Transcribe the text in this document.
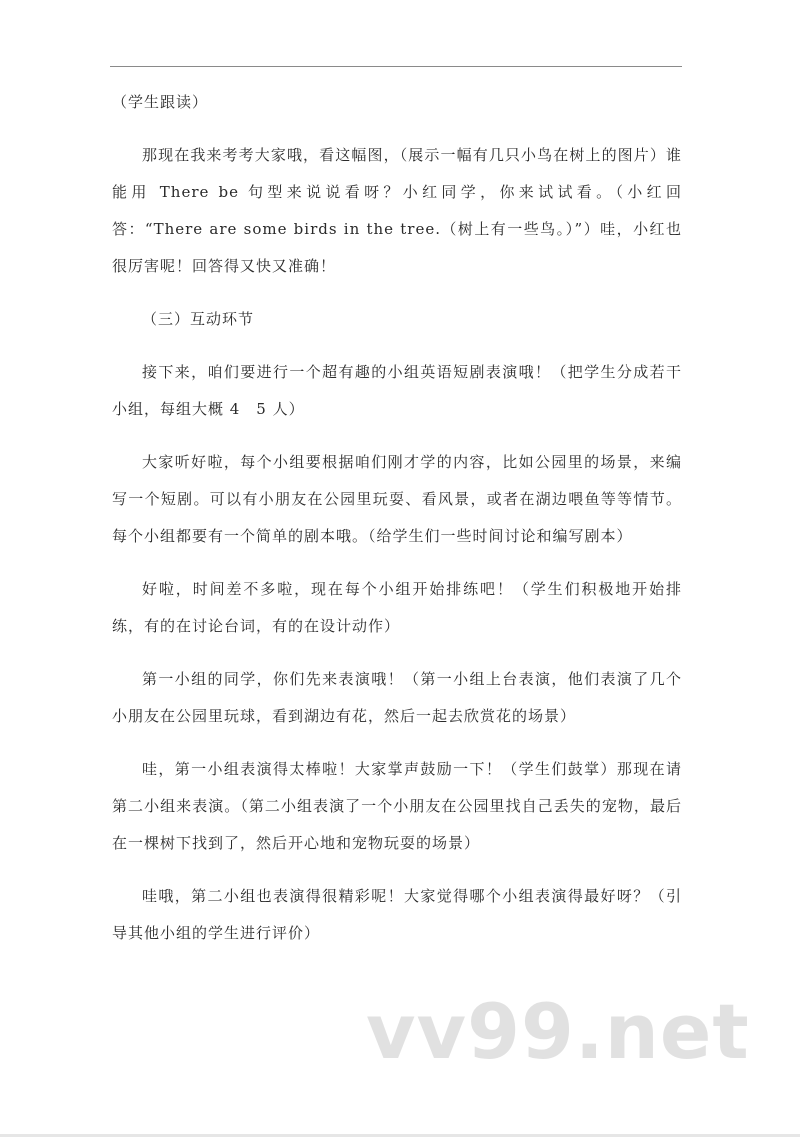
（学生跟读）

那现在我来考考大家哦，看这幅图，（展示一幅有几只小鸟在树上的图片）谁能用 There be 句型来说说看呀？小红同学，你来试试看。（小红回答：“There are some birds in the tree.（树上有一些鸟。）”）哇，小红也很厉害呢！回答得又快又准确！

（三）互动环节

接下来，咱们要进行一个超有趣的小组英语短剧表演哦！（把学生分成若干小组，每组大概 4　5 人）

大家听好啦，每个小组要根据咱们刚才学的内容，比如公园里的场景，来编写一个短剧。可以有小朋友在公园里玩耍、看风景，或者在湖边喂鱼等等情节。每个小组都要有一个简单的剧本哦。（给学生们一些时间讨论和编写剧本）

好啦，时间差不多啦，现在每个小组开始排练吧！（学生们积极地开始排练，有的在讨论台词，有的在设计动作）

第一小组的同学，你们先来表演哦！（第一小组上台表演，他们表演了几个小朋友在公园里玩球，看到湖边有花，然后一起去欣赏花的场景）

哇，第一小组表演得太棒啦！大家掌声鼓励一下！（学生们鼓掌）那现在请第二小组来表演。（第二小组表演了一个小朋友在公园里找自己丢失的宠物，最后在一棵树下找到了，然后开心地和宠物玩耍的场景）

哇哦，第二小组也表演得很精彩呢！大家觉得哪个小组表演得最好呀？（引导其他小组的学生进行评价）

vv99.net
